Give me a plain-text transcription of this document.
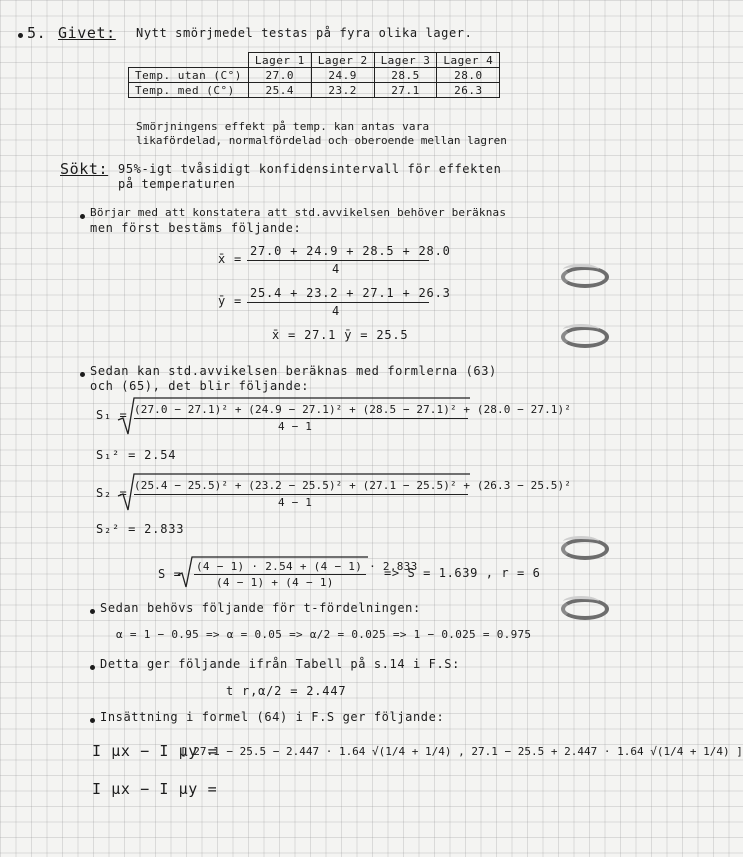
5. Givet: Nytt smörjmedel testas på fyra olika lager.
	Lager 1	Lager 2	Lager 3	Lager 4
Temp. utan (C°)	27.0	24.9	28.5	28.0
Temp. med (C°)	25.4	23.2	27.1	26.3
Smörjningens effekt på temp. kan antas vara
likafördelad, normalfördelad och oberoende mellan lagren
Sökt: 95%-igt tvåsidigt konfidensintervall för effekten
på temperaturen
Börjar med att konstatera att std.avvikelsen behöver beräknas
men först bestäms följande:
x̄ =
27.0 + 24.9 + 28.5 + 28.0
4
ȳ =
25.4 + 23.2 + 27.1 + 26.3
4
x̄ = 27.1 ȳ = 25.5
Sedan kan std.avvikelsen beräknas med formlerna (63)
och (65), det blir följande:
S₁ = (27.0 − 27.1)² + (24.9 − 27.1)² + (28.5 − 27.1)² + (28.0 − 27.1)²
4 − 1
S₁² = 2.54
S₂ =
(25.4 − 25.5)² + (23.2 − 25.5)² + (27.1 − 25.5)² + (26.3 − 25.5)²
4 − 1
S₂² = 2.833
S =
(4 − 1) · 2.54 + (4 − 1) · 2.833
(4 − 1) + (4 − 1)
=> S = 1.639 , r = 6
Sedan behövs följande för t-fördelningen:
α = 1 − 0.95 => α = 0.05 => α/2 = 0.025 => 1 − 0.025 = 0.975
Detta ger följande ifrån Tabell på s.14 i F.S:
t r,α/2 = 2.447
Insättning i formel (64) i F.S ger följande:
I μx − I μy =
[ 27.1 − 25.5 − 2.447 · 1.64 √(1/4 + 1/4) , 27.1 − 25.5 + 2.447 · 1.64 √(1/4 + 1/4) ]
I μx − I μy =
